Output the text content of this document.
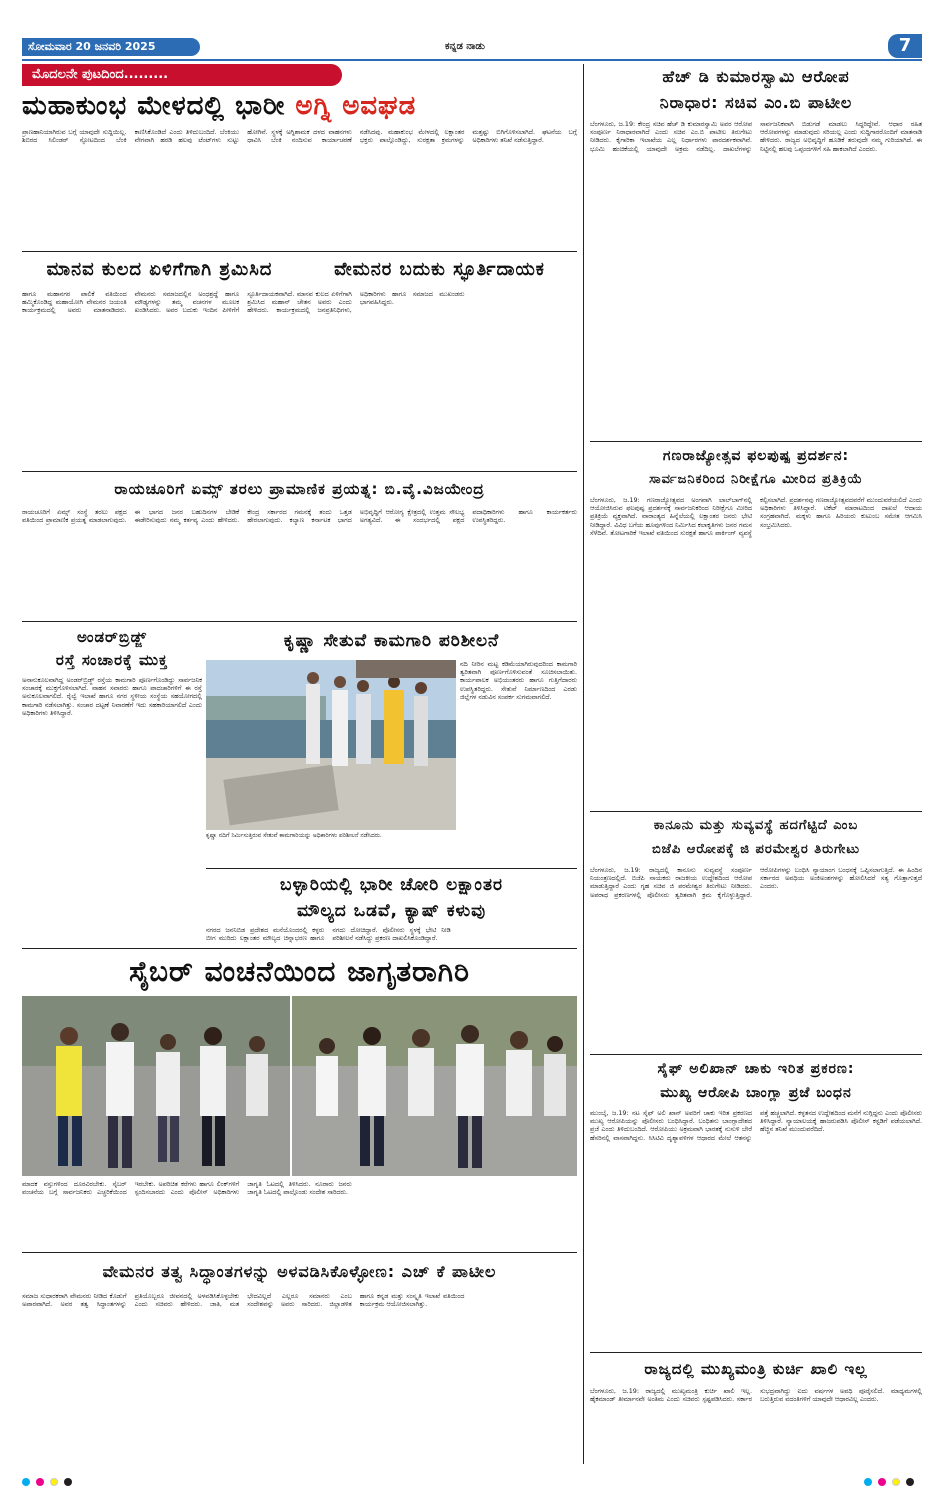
ಸೋಮವಾರ 20 ಜನವರಿ 2025	ಕನ್ನಡ ನಾಡು	7
ಮೊದಲನೇ ಪುಟದಿಂದ.........
ಮಹಾಕುಂಭ ಮೇಳದಲ್ಲಿ ಭಾರೀ ಅಗ್ನಿ ಅವಘಡ
ಪ್ರಾಣಹಾನಿಯಾಗಿರುವ ಬಗ್ಗೆ ಯಾವುದೇ ಸುದ್ದಿಯಿಲ್ಲ. ಶಿಬಿರದ ಸಿಲಿಂಡರ್ ಸ್ಫೋಟದಿಂದ ಬೆಂಕಿ ಕಾಣಿಸಿಕೊಂಡಿದೆ ಎಂದು ತಿಳಿದುಬಂದಿದೆ. ಬೆಂಕಿಯು ವೇಗವಾಗಿ ಹರಡಿ ಹಲವು ಟೆಂಟ್‌ಗಳು ಸುಟ್ಟು ಹೋಗಿವೆ. ಸ್ಥಳಕ್ಕೆ ಅಗ್ನಿಶಾಮಕ ದಳದ ವಾಹನಗಳು ಧಾವಿಸಿ ಬೆಂಕಿ ನಂದಿಸುವ ಕಾರ್ಯಾಚರಣೆ ನಡೆಸಿದವು. ಮಹಾಕುಂಭ ಮೇಳದಲ್ಲಿ ಲಕ್ಷಾಂತರ ಭಕ್ತರು ಪಾಲ್ಗೊಂಡಿದ್ದು, ಸುರಕ್ಷತಾ ಕ್ರಮಗಳನ್ನು ಮತ್ತಷ್ಟು ಬಿಗಿಗೊಳಿಸಲಾಗಿದೆ. ಘಟನೆಯ ಬಗ್ಗೆ ಅಧಿಕಾರಿಗಳು ತನಿಖೆ ನಡೆಸುತ್ತಿದ್ದಾರೆ.
ಮಾನವ ಕುಲದ ಏಳಿಗೆಗಾಗಿ ಶ್ರಮಿಸಿದ	ವೇಮನರ ಬದುಕು ಸ್ಫೂರ್ತಿದಾಯಕ
ಹಾಗೂ ಮಹಾನಗರ ಪಾಲಿಕೆ ವತಿಯಿಂದ ಹಮ್ಮಿಕೊಂಡಿದ್ದ ಮಹಾಯೋಗಿ ವೇಮನರ ಜಯಂತಿ ಕಾರ್ಯಕ್ರಮದಲ್ಲಿ ಅವರು ಮಾತನಾಡಿದರು. ವೇಮನರು ಸಮಾಜದಲ್ಲಿನ ಅಂಧಶ್ರದ್ಧೆ ಹಾಗೂ ಮೌಢ್ಯಗಳನ್ನು ತಮ್ಮ ವಚನಗಳ ಮೂಲಕ ಖಂಡಿಸಿದರು. ಅವರ ಬದುಕು ಇಂದಿನ ಪೀಳಿಗೆಗೆ ಸ್ಫೂರ್ತಿದಾಯಕವಾಗಿದೆ. ಮಾನವ ಕುಲದ ಏಳಿಗೆಗಾಗಿ ಶ್ರಮಿಸಿದ ಮಹಾನ್ ಚೇತನ ಅವರು ಎಂದು ಹೇಳಿದರು. ಕಾರ್ಯಕ್ರಮದಲ್ಲಿ ಜನಪ್ರತಿನಿಧಿಗಳು, ಅಧಿಕಾರಿಗಳು ಹಾಗೂ ಸಮಾಜದ ಮುಖಂಡರು ಭಾಗವಹಿಸಿದ್ದರು.
ರಾಯಚೂರಿಗೆ ಏಮ್ಸ್ ತರಲು ಪ್ರಾಮಾಣಿಕ ಪ್ರಯತ್ನ: ಬಿ.ವೈ.ವಿಜಯೇಂದ್ರ
ರಾಯಚೂರಿಗೆ ಏಮ್ಸ್ ಸಂಸ್ಥೆ ತರಲು ಪಕ್ಷದ ವತಿಯಿಂದ ಪ್ರಾಮಾಣಿಕ ಪ್ರಯತ್ನ ಮಾಡಲಾಗುವುದು. ಈ ಭಾಗದ ಜನರ ಬಹುದಿನಗಳ ಬೇಡಿಕೆ ಈಡೇರಿಸುವುದು ನಮ್ಮ ಕರ್ತವ್ಯ ಎಂದು ಹೇಳಿದರು. ಕೇಂದ್ರ ಸರ್ಕಾರದ ಗಮನಕ್ಕೆ ತಂದು ಒತ್ತಡ ಹೇರಲಾಗುವುದು. ಕಲ್ಯಾಣ ಕರ್ನಾಟಕ ಭಾಗದ ಅಭಿವೃದ್ಧಿಗೆ ಆರೋಗ್ಯ ಕ್ಷೇತ್ರದಲ್ಲಿ ಉತ್ತಮ ಸೌಲಭ್ಯ ಅಗತ್ಯವಿದೆ. ಈ ಸಂದರ್ಭದಲ್ಲಿ ಪಕ್ಷದ ಪದಾಧಿಕಾರಿಗಳು ಹಾಗೂ ಕಾರ್ಯಕರ್ತರು ಉಪಸ್ಥಿತರಿದ್ದರು.
ಅಂಡರ್‌ಬ್ರಿಡ್ಜ್
ರಸ್ತೆ ಸಂಚಾರಕ್ಕೆ ಮುಕ್ತ
ಅನಾನುಕೂಲವಾಗಿದ್ದ ಅಂಡರ್‌ಬ್ರಿಡ್ಜ್ ರಸ್ತೆಯ ಕಾಮಗಾರಿ ಪೂರ್ಣಗೊಂಡಿದ್ದು ಸಾರ್ವಜನಿಕ ಸಂಚಾರಕ್ಕೆ ಮುಕ್ತಗೊಳಿಸಲಾಗಿದೆ. ವಾಹನ ಸವಾರರು ಹಾಗೂ ಪಾದಚಾರಿಗಳಿಗೆ ಈ ರಸ್ತೆ ಅನುಕೂಲವಾಗಲಿದೆ. ರೈಲ್ವೆ ಇಲಾಖೆ ಹಾಗೂ ನಗರ ಸ್ಥಳೀಯ ಸಂಸ್ಥೆಯ ಸಹಯೋಗದಲ್ಲಿ ಕಾಮಗಾರಿ ನಡೆಸಲಾಗಿತ್ತು. ಸಂಚಾರ ದಟ್ಟಣೆ ನಿವಾರಣೆಗೆ ಇದು ಸಹಕಾರಿಯಾಗಲಿದೆ ಎಂದು ಅಧಿಕಾರಿಗಳು ತಿಳಿಸಿದ್ದಾರೆ.
ಕೃಷ್ಣಾ ಸೇತುವೆ ಕಾಮಗಾರಿ ಪರಿಶೀಲನೆ
ಕೃಷ್ಣಾ ನದಿಗೆ ನಿರ್ಮಿಸುತ್ತಿರುವ ಸೇತುವೆ ಕಾಮಗಾರಿಯನ್ನು ಅಧಿಕಾರಿಗಳು ಪರಿಶೀಲನೆ ನಡೆಸಿದರು.
ನದಿ ನೀರಿನ ಮಟ್ಟ ಕಡಿಮೆಯಾಗಿರುವುದರಿಂದ ಕಾಮಗಾರಿ ತ್ವರಿತವಾಗಿ ಪೂರ್ಣಗೊಳಿಸುವಂತೆ ಸೂಚಿಸಲಾಯಿತು. ಕಾರ್ಯಪಾಲಕ ಅಭಿಯಂತರರು ಹಾಗೂ ಗುತ್ತಿಗೆದಾರರು ಉಪಸ್ಥಿತರಿದ್ದರು. ಸೇತುವೆ ನಿರ್ಮಾಣದಿಂದ ಎರಡು ಜಿಲ್ಲೆಗಳ ನಡುವಿನ ಸಂಪರ್ಕ ಸುಗಮವಾಗಲಿದೆ.
ಬಳ್ಳಾರಿಯಲ್ಲಿ ಭಾರೀ ಚೋರಿ ಲಕ್ಷಾಂತರ
ಮೌಲ್ಯದ ಒಡವೆ, ಕ್ಯಾಷ್ ಕಳುವು
ನಗರದ ಜನನಿಬಿಡ ಪ್ರದೇಶದ ಮನೆಯೊಂದರಲ್ಲಿ ಕಳ್ಳರು ಬೀಗ ಮುರಿದು ಲಕ್ಷಾಂತರ ಮೌಲ್ಯದ ಚಿನ್ನಾಭರಣ ಹಾಗೂ ನಗದು ದೋಚಿದ್ದಾರೆ. ಪೊಲೀಸರು ಸ್ಥಳಕ್ಕೆ ಭೇಟಿ ನೀಡಿ ಪರಿಶೀಲನೆ ನಡೆಸಿದ್ದು ಪ್ರಕರಣ ದಾಖಲಿಸಿಕೊಂಡಿದ್ದಾರೆ.
ಸೈಬರ್ ವಂಚನೆಯಿಂದ ಜಾಗೃತರಾಗಿರಿ
ಮಾದಕ ವಸ್ತುಗಳಿಂದ ದೂರವಿರಬೇಕು. ಸೈಬರ್ ವಂಚನೆಯ ಬಗ್ಗೆ ಸಾರ್ವಜನಿಕರು ಎಚ್ಚರಿಕೆಯಿಂದ ಇರಬೇಕು. ಅಪರಿಚಿತ ಕರೆಗಳು ಹಾಗೂ ಲಿಂಕ್‌ಗಳಿಗೆ ಸ್ಪಂದಿಸಬಾರದು ಎಂದು ಪೊಲೀಸ್ ಅಧಿಕಾರಿಗಳು ಜಾಗೃತಿ ಓಟದಲ್ಲಿ ತಿಳಿಸಿದರು. ನೂರಾರು ಜನರು ಜಾಗೃತಿ ಓಟದಲ್ಲಿ ಪಾಲ್ಗೊಂಡು ಸಂದೇಶ ಸಾರಿದರು.
ವೇಮನರ ತತ್ವ ಸಿದ್ಧಾಂತಗಳನ್ನು ಅಳವಡಿಸಿಕೊಳ್ಳೋಣ: ಎಚ್ ಕೆ ಪಾಟೀಲ
ಸಮಾಜ ಸುಧಾರಕರಾಗಿ ವೇಮನರು ನೀಡಿದ ಕೊಡುಗೆ ಅಪಾರವಾಗಿದೆ. ಅವರ ತತ್ವ ಸಿದ್ಧಾಂತಗಳನ್ನು ಪ್ರತಿಯೊಬ್ಬರೂ ಜೀವನದಲ್ಲಿ ಅಳವಡಿಸಿಕೊಳ್ಳಬೇಕು ಎಂದು ಸಚಿವರು ಹೇಳಿದರು. ಜಾತಿ, ಮತ ಭೇದವಿಲ್ಲದೆ ಎಲ್ಲರೂ ಸಮಾನರು ಎಂಬ ಸಂದೇಶವನ್ನು ಅವರು ಸಾರಿದರು. ಜಿಲ್ಲಾಡಳಿತ ಹಾಗೂ ಕನ್ನಡ ಮತ್ತು ಸಂಸ್ಕೃತಿ ಇಲಾಖೆ ವತಿಯಿಂದ ಕಾರ್ಯಕ್ರಮ ಆಯೋಜಿಸಲಾಗಿತ್ತು.
ಹೆಚ್ ಡಿ ಕುಮಾರಸ್ವಾಮಿ ಆರೋಪ
ನಿರಾಧಾರ: ಸಚಿವ ಎಂ.ಬಿ ಪಾಟೀಲ
ಬೆಂಗಳೂರು, ಜ.19: ಕೇಂದ್ರ ಸಚಿವ ಹೆಚ್ ಡಿ ಕುಮಾರಸ್ವಾಮಿ ಅವರ ಆರೋಪ ಸಂಪೂರ್ಣ ನಿರಾಧಾರವಾಗಿದೆ ಎಂದು ಸಚಿವ ಎಂ.ಬಿ ಪಾಟೀಲ ತಿರುಗೇಟು ನೀಡಿದರು. ಕೈಗಾರಿಕಾ ಇಲಾಖೆಯ ಎಲ್ಲ ನಿರ್ಧಾರಗಳು ಪಾರದರ್ಶಕವಾಗಿವೆ. ಭೂಮಿ ಹಂಚಿಕೆಯಲ್ಲಿ ಯಾವುದೇ ಅಕ್ರಮ ನಡೆದಿಲ್ಲ. ದಾಖಲೆಗಳನ್ನು ಸಾರ್ವಜನಿಕವಾಗಿ ಬಿಡುಗಡೆ ಮಾಡಲು ಸಿದ್ಧರಿದ್ದೇವೆ. ಆಧಾರ ರಹಿತ ಆರೋಪಗಳನ್ನು ಮಾಡುವುದು ಸರಿಯಲ್ಲ ಎಂದು ಸುದ್ದಿಗಾರರೊಂದಿಗೆ ಮಾತನಾಡಿ ಹೇಳಿದರು. ರಾಜ್ಯದ ಅಭಿವೃದ್ಧಿಗೆ ಹೂಡಿಕೆ ತರುವುದೇ ನಮ್ಮ ಗುರಿಯಾಗಿದೆ. ಈ ನಿಟ್ಟಿನಲ್ಲಿ ಹಲವು ಒಪ್ಪಂದಗಳಿಗೆ ಸಹಿ ಹಾಕಲಾಗಿದೆ ಎಂದರು.
ಗಣರಾಜ್ಯೋತ್ಸವ ಫಲಪುಷ್ಪ ಪ್ರದರ್ಶನ:
ಸಾರ್ವಜನಿಕರಿಂದ ನಿರೀಕ್ಷೆಗೂ ಮೀರಿದ ಪ್ರತಿಕ್ರಿಯೆ
ಬೆಂಗಳೂರು, ಜ.19: ಗಣರಾಜ್ಯೋತ್ಸವದ ಅಂಗವಾಗಿ ಲಾಲ್‌ಬಾಗ್‌ನಲ್ಲಿ ಆಯೋಜಿಸಿರುವ ಫಲಪುಷ್ಪ ಪ್ರದರ್ಶನಕ್ಕೆ ಸಾರ್ವಜನಿಕರಿಂದ ನಿರೀಕ್ಷೆಗೂ ಮೀರಿದ ಪ್ರತಿಕ್ರಿಯೆ ವ್ಯಕ್ತವಾಗಿದೆ. ವಾರಾಂತ್ಯದ ಹಿನ್ನೆಲೆಯಲ್ಲಿ ಲಕ್ಷಾಂತರ ಜನರು ಭೇಟಿ ನೀಡಿದ್ದಾರೆ. ವಿವಿಧ ಬಗೆಯ ಹೂವುಗಳಿಂದ ನಿರ್ಮಿಸಿದ ಕಲಾಕೃತಿಗಳು ಜನರ ಗಮನ ಸೆಳೆದಿವೆ. ತೋಟಗಾರಿಕೆ ಇಲಾಖೆ ವತಿಯಿಂದ ಸುರಕ್ಷತೆ ಹಾಗೂ ಪಾರ್ಕಿಂಗ್ ವ್ಯವಸ್ಥೆ ಕಲ್ಪಿಸಲಾಗಿದೆ. ಪ್ರದರ್ಶನವು ಗಣರಾಜ್ಯೋತ್ಸವದವರೆಗೆ ಮುಂದುವರೆಯಲಿದೆ ಎಂದು ಅಧಿಕಾರಿಗಳು ತಿಳಿಸಿದ್ದಾರೆ. ಟಿಕೆಟ್ ಮಾರಾಟದಿಂದ ದಾಖಲೆ ಆದಾಯ ಸಂಗ್ರಹವಾಗಿದೆ. ಮಕ್ಕಳು ಹಾಗೂ ಹಿರಿಯರು ಕುಟುಂಬ ಸಮೇತ ಆಗಮಿಸಿ ಸಂಭ್ರಮಿಸಿದರು.
ಕಾನೂನು ಮತ್ತು ಸುವ್ಯವಸ್ಥೆ ಹದಗೆಟ್ಟಿದೆ ಎಂಬ
ಬಿಜೆಪಿ ಆರೋಪಕ್ಕೆ ಜಿ ಪರಮೇಶ್ವರ ತಿರುಗೇಟು
ಬೆಂಗಳೂರು, ಜ.19: ರಾಜ್ಯದಲ್ಲಿ ಕಾನೂನು ಸುವ್ಯವಸ್ಥೆ ಸಂಪೂರ್ಣ ನಿಯಂತ್ರಣದಲ್ಲಿದೆ. ಬಿಜೆಪಿ ನಾಯಕರು ರಾಜಕೀಯ ಉದ್ದೇಶದಿಂದ ಆರೋಪ ಮಾಡುತ್ತಿದ್ದಾರೆ ಎಂದು ಗೃಹ ಸಚಿವ ಜಿ ಪರಮೇಶ್ವರ ತಿರುಗೇಟು ನೀಡಿದರು. ಅಪರಾಧ ಪ್ರಕರಣಗಳಲ್ಲಿ ಪೊಲೀಸರು ತ್ವರಿತವಾಗಿ ಕ್ರಮ ಕೈಗೊಳ್ಳುತ್ತಿದ್ದಾರೆ. ಆರೋಪಿಗಳನ್ನು ಬಂಧಿಸಿ ನ್ಯಾಯಾಂಗ ಬಂಧನಕ್ಕೆ ಒಪ್ಪಿಸಲಾಗುತ್ತಿದೆ. ಈ ಹಿಂದಿನ ಸರ್ಕಾರದ ಅವಧಿಯ ಅಂಕಿಅಂಶಗಳನ್ನು ಹೋಲಿಸಿದರೆ ಸತ್ಯ ಗೊತ್ತಾಗುತ್ತದೆ ಎಂದರು.
ಸೈಫ್ ಅಲಿಖಾನ್ ಚಾಕು ಇರಿತ ಪ್ರಕರಣ:
ಮುಖ್ಯ ಆರೋಪಿ ಬಾಂಗ್ಲಾ ಪ್ರಜೆ ಬಂಧನ
ಮುಂಬೈ, ಜ.19: ನಟ ಸೈಫ್ ಅಲಿ ಖಾನ್ ಅವರಿಗೆ ಚಾಕು ಇರಿತ ಪ್ರಕರಣದ ಮುಖ್ಯ ಆರೋಪಿಯನ್ನು ಪೊಲೀಸರು ಬಂಧಿಸಿದ್ದಾರೆ. ಬಂಧಿತನು ಬಾಂಗ್ಲಾದೇಶದ ಪ್ರಜೆ ಎಂದು ತಿಳಿದುಬಂದಿದೆ. ಆರೋಪಿಯು ಅಕ್ರಮವಾಗಿ ಭಾರತಕ್ಕೆ ನುಸುಳಿ ಬೇರೆ ಹೆಸರಿನಲ್ಲಿ ವಾಸವಾಗಿದ್ದನು. ಸಿಸಿಟಿವಿ ದೃಶ್ಯಾವಳಿಗಳ ಆಧಾರದ ಮೇಲೆ ಆತನನ್ನು ಪತ್ತೆ ಹಚ್ಚಲಾಗಿದೆ. ಕಳ್ಳತನದ ಉದ್ದೇಶದಿಂದ ಮನೆಗೆ ನುಗ್ಗಿದ್ದನು ಎಂದು ಪೊಲೀಸರು ತಿಳಿಸಿದ್ದಾರೆ. ನ್ಯಾಯಾಲಯಕ್ಕೆ ಹಾಜರುಪಡಿಸಿ ಪೊಲೀಸ್ ಕಸ್ಟಡಿಗೆ ಪಡೆಯಲಾಗಿದೆ. ಹೆಚ್ಚಿನ ತನಿಖೆ ಮುಂದುವರೆದಿದೆ.
ರಾಜ್ಯದಲ್ಲಿ ಮುಖ್ಯಮಂತ್ರಿ ಕುರ್ಚಿ ಖಾಲಿ ಇಲ್ಲ
ಬೆಂಗಳೂರು, ಜ.19: ರಾಜ್ಯದಲ್ಲಿ ಮುಖ್ಯಮಂತ್ರಿ ಕುರ್ಚಿ ಖಾಲಿ ಇಲ್ಲ. ಹೈಕಮಾಂಡ್ ತೀರ್ಮಾನವೇ ಅಂತಿಮ ಎಂದು ಸಚಿವರು ಸ್ಪಷ್ಟಪಡಿಸಿದರು. ಸರ್ಕಾರ ಸುಭದ್ರವಾಗಿದ್ದು ಐದು ವರ್ಷಗಳ ಅವಧಿ ಪೂರೈಸಲಿದೆ. ಮಾಧ್ಯಮಗಳಲ್ಲಿ ಬರುತ್ತಿರುವ ವದಂತಿಗಳಿಗೆ ಯಾವುದೇ ಆಧಾರವಿಲ್ಲ ಎಂದರು.
